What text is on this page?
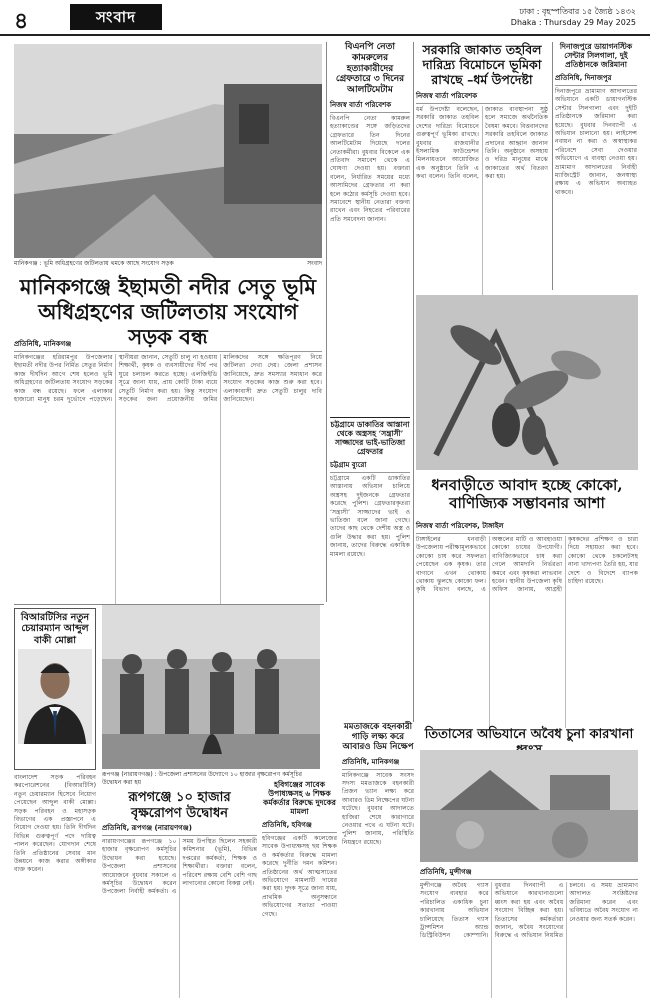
৪	সংবাদ	ঢাকা : বৃহস্পতিবার ১৫ জ্যৈষ্ঠ ১৪৩২
Dhaka : Thursday 29 May 2025
মানিকগঞ্জ : ভূমি অধিগ্রহণের জটিলতায় থমকে আছে সংযোগ সড়ক	সংবাদ
মানিকগঞ্জে ইছামতী নদীর সেতু ভূমি অধিগ্রহণের জটিলতায় সংযোগ সড়ক বন্ধ
প্রতিনিধি, মানিকগঞ্জ
মানিকগঞ্জের হরিরামপুর উপজেলার ইছামতী নদীর উপর নির্মিত সেতুর নির্মাণ কাজ দীর্ঘদিন আগে শেষ হলেও ভূমি অধিগ্রহণের জটিলতায় সংযোগ সড়কের কাজ বন্ধ রয়েছে। ফলে এলাকার হাজারো মানুষ চরম দুর্ভোগে পড়েছেন। স্থানীয়রা জানান, সেতুটি চালু না হওয়ায় শিক্ষার্থী, কৃষক ও ব্যবসায়ীদের দীর্ঘ পথ ঘুরে চলাচল করতে হচ্ছে। এলজিইডি সূত্রে জানা যায়, প্রায় কোটি টাকা ব্যয়ে সেতুটি নির্মাণ করা হয়। কিন্তু সংযোগ সড়কের জন্য প্রয়োজনীয় জমির মালিকদের সঙ্গে ক্ষতিপূরণ নিয়ে জটিলতা দেখা দেয়। জেলা প্রশাসন জানিয়েছে, দ্রুত সমস্যার সমাধান করে সংযোগ সড়কের কাজ শুরু করা হবে। এলাকাবাসী দ্রুত সেতুটি চালুর দাবি জানিয়েছেন।
বিএনপি নেতা কামরুলের হত্যাকারীদের গ্রেফতারে ৩ দিনের আলটিমেটাম
নিজস্ব বার্তা পরিবেশক
বিএনপি নেতা কামরুল হত্যাকাণ্ডের সঙ্গে জড়িতদের গ্রেফতারে তিন দিনের আলটিমেটাম দিয়েছে দলের নেতাকর্মীরা। বুধবার বিকেলে এক প্রতিবাদ সমাবেশ থেকে এ ঘোষণা দেওয়া হয়। বক্তারা বলেন, নির্ধারিত সময়ের মধ্যে আসামিদের গ্রেফতার না করা হলে কঠোর কর্মসূচি দেওয়া হবে। সমাবেশে স্থানীয় নেতারা বক্তব্য রাখেন এবং নিহতের পরিবারের প্রতি সমবেদনা জানান।
সরকারি জাকাত তহবিল দারিদ্র্য বিমোচনে ভূমিকা রাখছে –ধর্ম উপদেষ্টা
নিজস্ব বার্তা পরিবেশক
ধর্ম উপদেষ্টা বলেছেন, সরকারি জাকাত তহবিল দেশের দারিদ্র্য বিমোচনে গুরুত্বপূর্ণ ভূমিকা রাখছে। বুধবার রাজধানীর ইসলামিক ফাউন্ডেশন মিলনায়তনে আয়োজিত এক অনুষ্ঠানে তিনি এ কথা বলেন। তিনি বলেন, জাকাত ব্যবস্থাপনা সুষ্ঠু হলে সমাজে অর্থনৈতিক বৈষম্য কমবে। বিত্তবানদের সরকারি তহবিলে জাকাত প্রদানের আহ্বান জানান তিনি। অনুষ্ঠানে অসহায় ও দরিদ্র মানুষের মাঝে জাকাতের অর্থ বিতরণ করা হয়।
চট্টগ্রামে ডাকাতির আস্তানা থেকে অস্ত্রসহ ‘সন্ত্রাসী’ সাজ্জাদের ভাই-ভাতিজা গ্রেফতার
চট্টগ্রাম ব্যুরো
চট্টগ্রামে একটি ডাকাতির আস্তানায় অভিযান চালিয়ে অস্ত্রসহ দুইজনকে গ্রেফতার করেছে পুলিশ। গ্রেফতারকৃতরা ‘সন্ত্রাসী’ সাজ্জাদের ভাই ও ভাতিজা বলে জানা গেছে। তাদের কাছ থেকে দেশীয় অস্ত্র ও গুলি উদ্ধার করা হয়। পুলিশ জানায়, তাদের বিরুদ্ধে একাধিক মামলা রয়েছে।
দিনাজপুরে ডায়াগনস্টিক সেন্টার সিলগালা, দুই প্রতিষ্ঠানকে জরিমানা
প্রতিনিধি, দিনাজপুর
দিনাজপুরে ভ্রাম্যমাণ আদালতের অভিযানে একটি ডায়াগনস্টিক সেন্টার সিলগালা এবং দুইটি প্রতিষ্ঠানকে জরিমানা করা হয়েছে। বুধবার দিনব্যাপী এ অভিযান চালানো হয়। লাইসেন্স নবায়ন না করা ও অস্বাস্থ্যকর পরিবেশে সেবা দেওয়ার অভিযোগে এ ব্যবস্থা নেওয়া হয়। ভ্রাম্যমাণ আদালতের নির্বাহী ম্যাজিস্ট্রেট জানান, জনস্বাস্থ্য রক্ষায় এ অভিযান অব্যাহত থাকবে।
ধনবাড়ীতে আবাদ হচ্ছে কোকো, বাণিজ্যিক সম্ভাবনার আশা
নিজস্ব বার্তা পরিবেশক, টাঙ্গাইল
টাঙ্গাইলের ধনবাড়ী উপজেলায় পরীক্ষামূলকভাবে কোকো চাষ করে সফলতা পেয়েছেন এক কৃষক। তার বাগানে এখন থোকায় থোকায় ঝুলছে কোকো ফল। কৃষি বিভাগ বলছে, এ অঞ্চলের মাটি ও আবহাওয়া কোকো চাষের উপযোগী। বাণিজ্যিকভাবে চাষ করা গেলে আমদানি নির্ভরতা কমবে এবং কৃষকরা লাভবান হবেন। স্থানীয় উপজেলা কৃষি অফিস জানায়, আগ্রহী কৃষকদের প্রশিক্ষণ ও চারা দিয়ে সহায়তা করা হবে। কোকো থেকে চকলেটসহ নানা খাদ্যপণ্য তৈরি হয়, যার দেশে ও বিদেশে ব্যাপক চাহিদা রয়েছে।
বিআরটিসির নতুন চেয়ারম্যান আব্দুল বাকী মোল্লা
বাংলাদেশ সড়ক পরিবহন করপোরেশনের (বিআরটিসি) নতুন চেয়ারম্যান হিসেবে নিয়োগ পেয়েছেন আব্দুল বাকী মোল্লা। সড়ক পরিবহন ও মহাসড়ক বিভাগের এক প্রজ্ঞাপনে এ নিয়োগ দেওয়া হয়। তিনি দীর্ঘদিন বিভিন্ন গুরুত্বপূর্ণ পদে দায়িত্ব পালন করেছেন। যোগদান শেষে তিনি প্রতিষ্ঠানের সেবার মান উন্নয়নে কাজ করার অঙ্গীকার ব্যক্ত করেন।
রূপগঞ্জ (নারায়ণগঞ্জ) : উপজেলা প্রশাসনের উদ্যোগে ১০ হাজার বৃক্ষরোপণ কর্মসূচির উদ্বোধন করা হয়
রূপগঞ্জে ১০ হাজার বৃক্ষরোপণ উদ্বোধন
প্রতিনিধি, রূপগঞ্জ (নারায়ণগঞ্জ)
নারায়ণগঞ্জের রূপগঞ্জে ১০ হাজার বৃক্ষরোপণ কর্মসূচির উদ্বোধন করা হয়েছে। উপজেলা প্রশাসনের আয়োজনে বুধবার সকালে এ কর্মসূচির উদ্বোধন করেন উপজেলা নির্বাহী কর্মকর্তা। এ সময় উপস্থিত ছিলেন সহকারী কমিশনার (ভূমি), বিভিন্ন দপ্তরের কর্মকর্তা, শিক্ষক ও শিক্ষার্থীরা। বক্তারা বলেন, পরিবেশ রক্ষায় বেশি বেশি গাছ লাগানোর কোনো বিকল্প নেই।
হবিগঞ্জের সাবেক উপাধ্যক্ষসহ ৬ শিক্ষক কর্মকর্তার বিরুদ্ধে দুদকের মামলা
প্রতিনিধি, হবিগঞ্জ
হবিগঞ্জের একটি কলেজের সাবেক উপাধ্যক্ষসহ ছয় শিক্ষক ও কর্মকর্তার বিরুদ্ধে মামলা করেছে দুর্নীতি দমন কমিশন। প্রতিষ্ঠানের অর্থ আত্মসাতের অভিযোগে মামলাটি দায়ের করা হয়। দুদক সূত্রে জানা যায়, প্রাথমিক অনুসন্ধানে অভিযোগের সত্যতা পাওয়া গেছে।
মমতাজকে বহনকারী গাড়ি লক্ষ্য করে আবারও ডিম নিক্ষেপ
প্রতিনিধি, মানিকগঞ্জ
মানিকগঞ্জে সাবেক সংসদ সদস্য মমতাজকে বহনকারী প্রিজন ভ্যান লক্ষ্য করে আবারও ডিম নিক্ষেপের ঘটনা ঘটেছে। বুধবার আদালতে হাজিরা শেষে কারাগারে নেওয়ার পথে এ ঘটনা ঘটে। পুলিশ জানায়, পরিস্থিতি নিয়ন্ত্রণে রয়েছে।
তিতাসের অভিযানে অবৈধ চুনা কারখানা
প্রতিনিধি, মুন্সীগঞ্জ
মুন্সীগঞ্জে অবৈধ গ্যাস সংযোগ ব্যবহার করে পরিচালিত একাধিক চুনা কারখানায় অভিযান চালিয়েছে তিতাস গ্যাস ট্রান্সমিশন অ্যান্ড ডিস্ট্রিবিউশন কোম্পানি। বুধবার দিনব্যাপী এ অভিযানে কারখানাগুলো ধ্বংস করা হয় এবং অবৈধ সংযোগ বিচ্ছিন্ন করা হয়। তিতাসের কর্মকর্তারা জানান, অবৈধ সংযোগের বিরুদ্ধে এ অভিযান নিয়মিত চলবে। এ সময় ভ্রাম্যমাণ আদালত সংশ্লিষ্টদের জরিমানা করেন এবং ভবিষ্যতে অবৈধ সংযোগ না নেওয়ার জন্য সতর্ক করেন।
